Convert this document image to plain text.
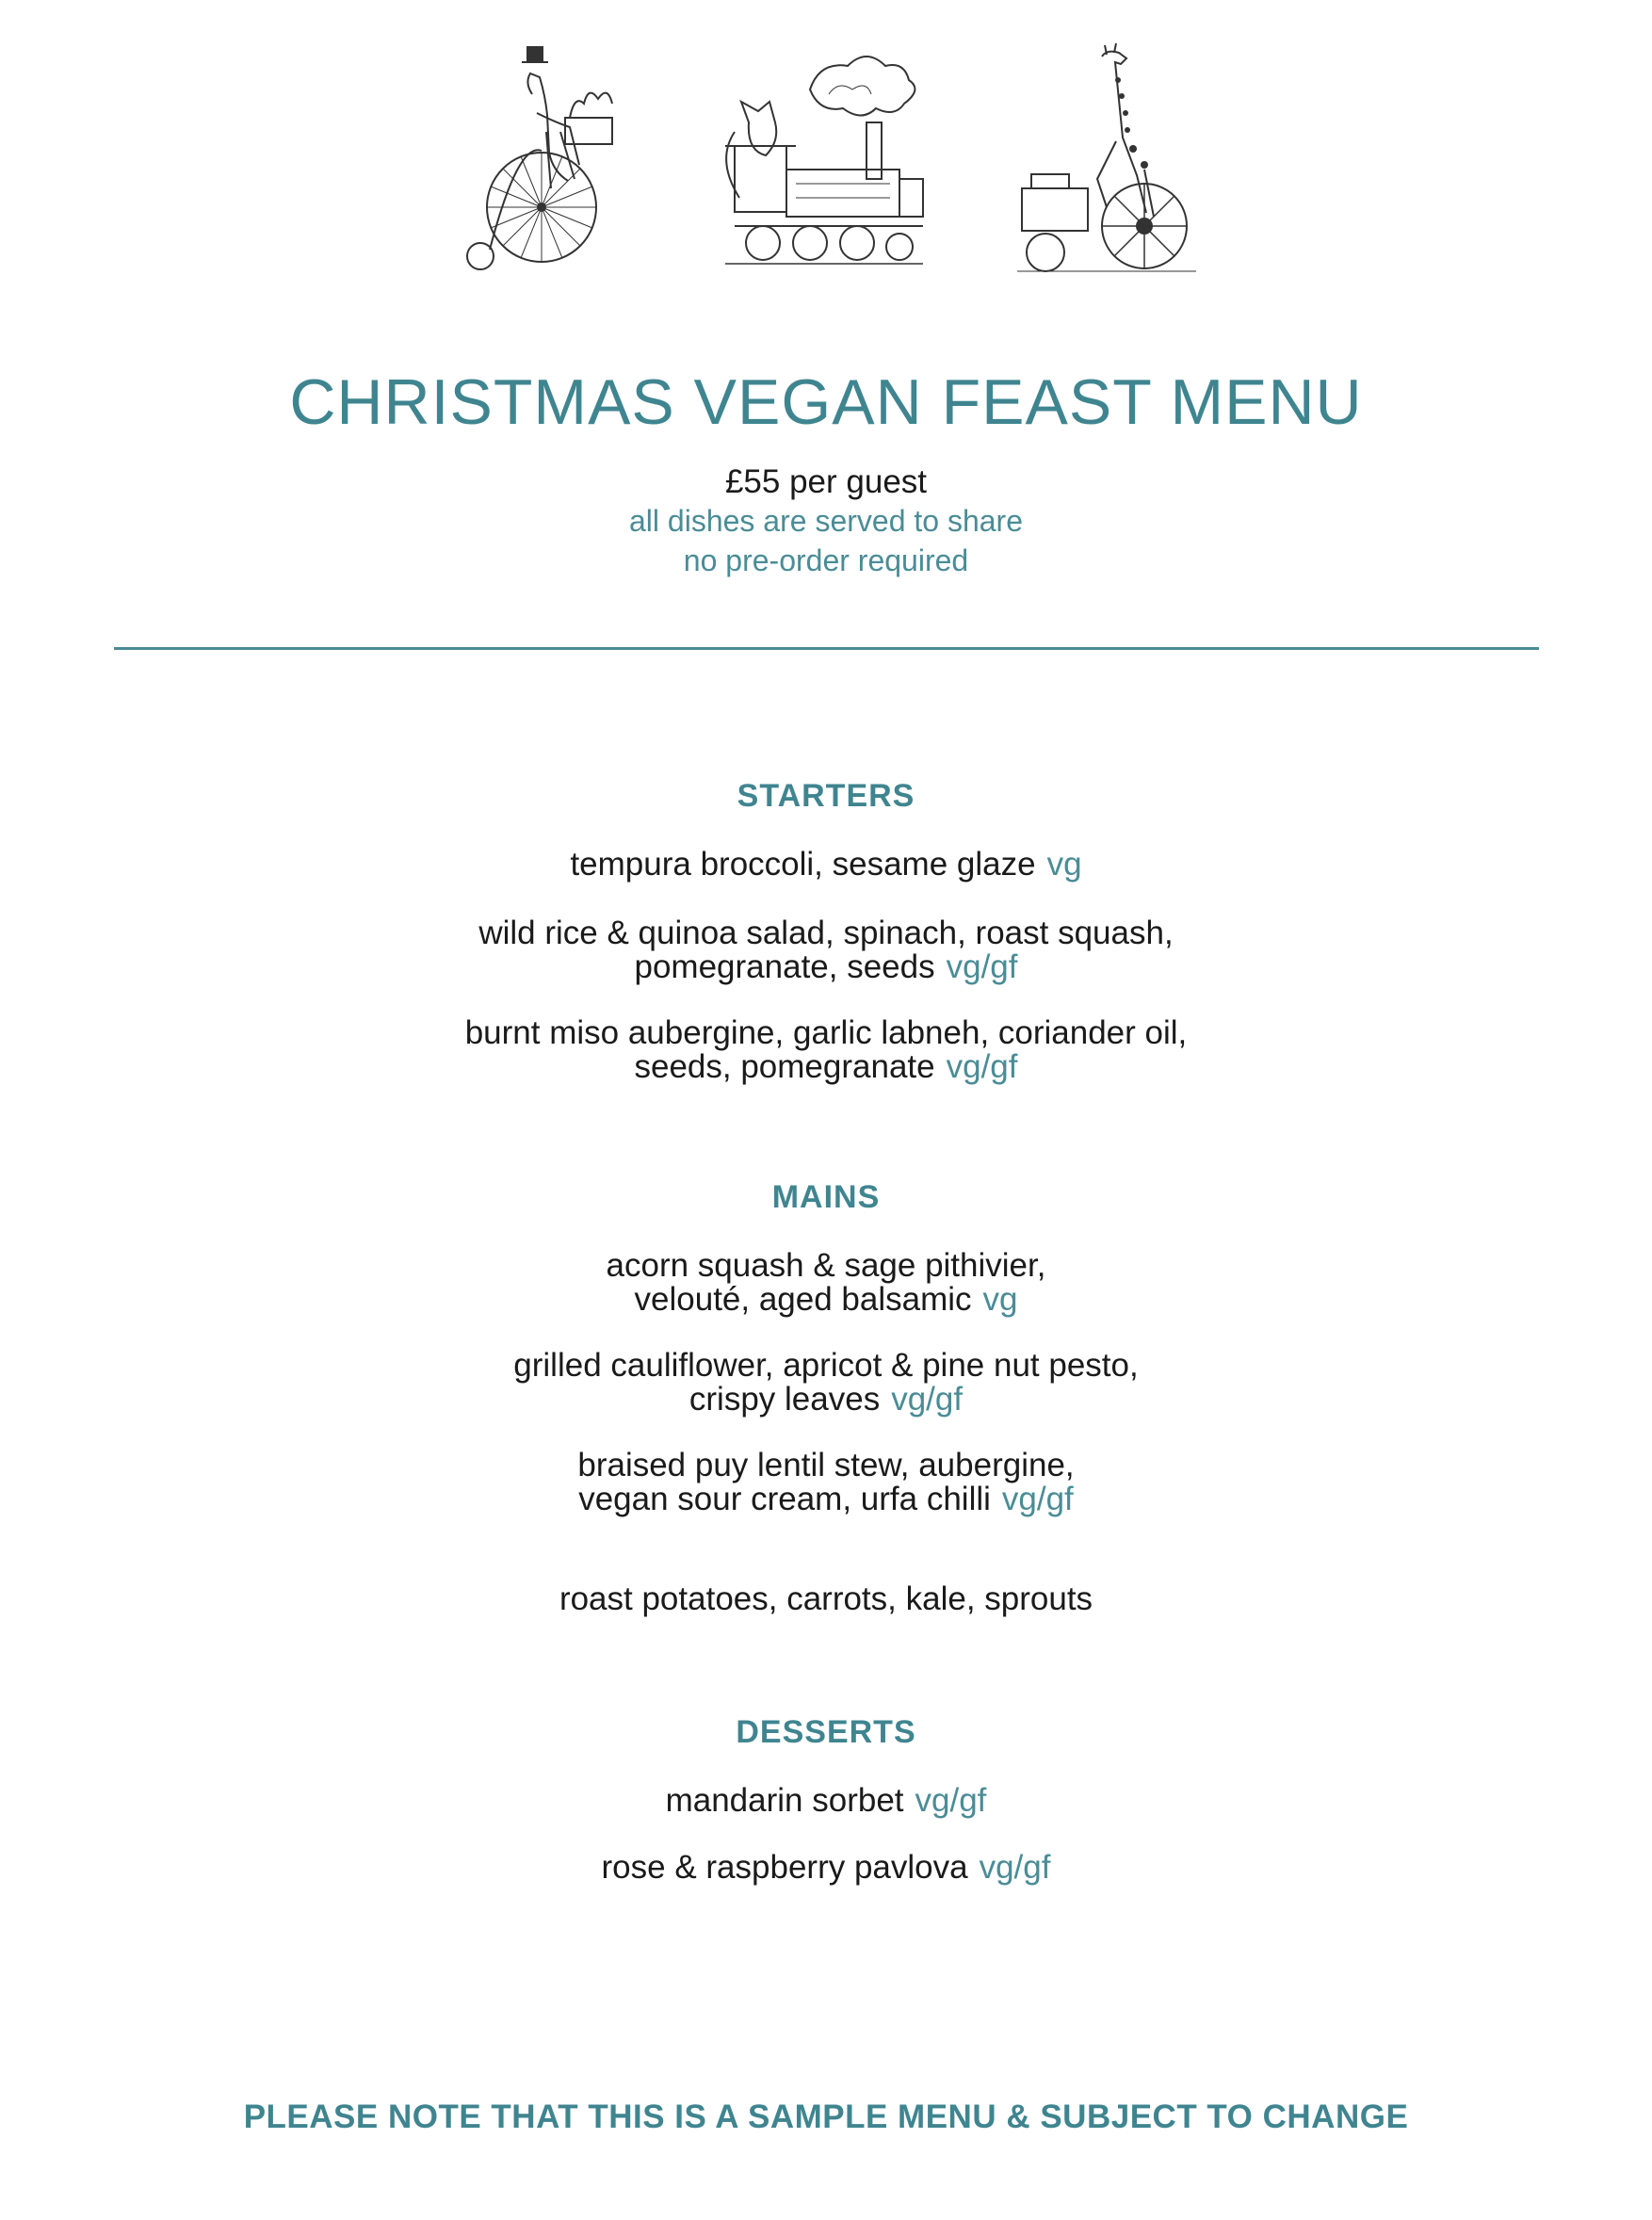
CHRISTMAS VEGAN FEAST MENU
£55 per guest
all dishes are served to share
no pre-order required
STARTERS
tempura broccoli, sesame glaze vg
wild rice & quinoa salad, spinach, roast squash,
pomegranate, seeds vg/gf
burnt miso aubergine, garlic labneh, coriander oil,
seeds, pomegranate vg/gf
MAINS
acorn squash & sage pithivier,
velouté, aged balsamic vg
grilled cauliflower, apricot & pine nut pesto,
crispy leaves vg/gf
braised puy lentil stew, aubergine,
vegan sour cream, urfa chilli vg/gf
roast potatoes, carrots, kale, sprouts
DESSERTS
mandarin sorbet vg/gf
rose & raspberry pavlova vg/gf
PLEASE NOTE THAT THIS IS A SAMPLE MENU & SUBJECT TO CHANGE
